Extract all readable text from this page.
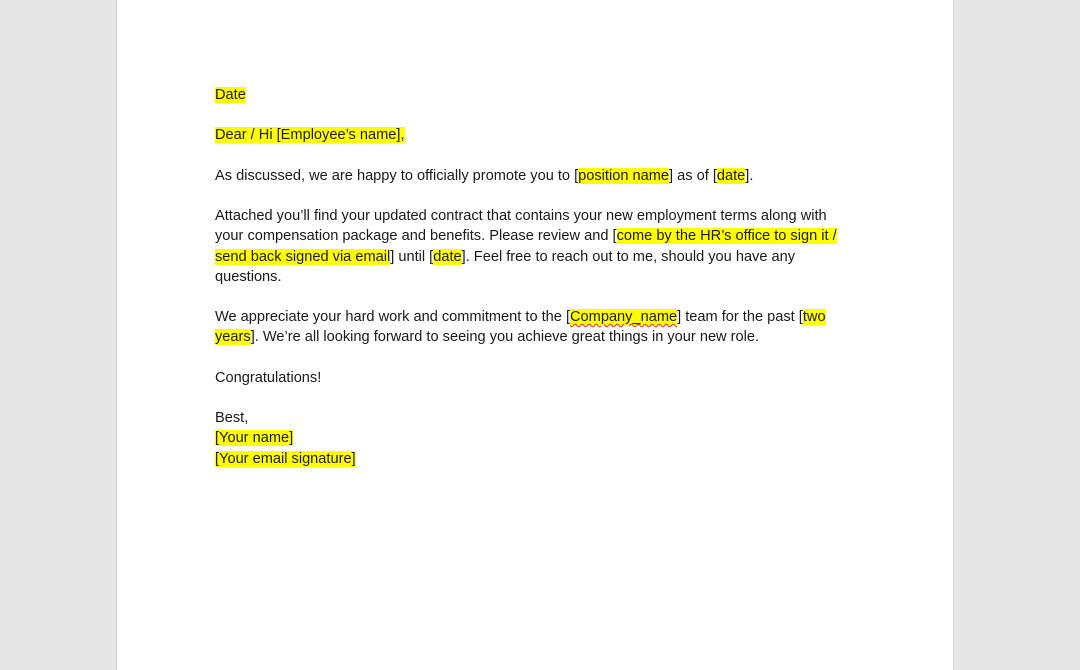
Date

Dear / Hi [Employee’s name],

As discussed, we are happy to officially promote you to [position name] as of [date].

Attached you’ll find your updated contract that contains your new employment terms along with your compensation package and benefits. Please review and [come by the HR’s office to sign it / send back signed via email] until [date]. Feel free to reach out to me, should you have any questions.

We appreciate your hard work and commitment to the [Company_name] team for the past [two years]. We’re all looking forward to seeing you achieve great things in your new role.

Congratulations!

Best,
[Your name]
[Your email signature]
